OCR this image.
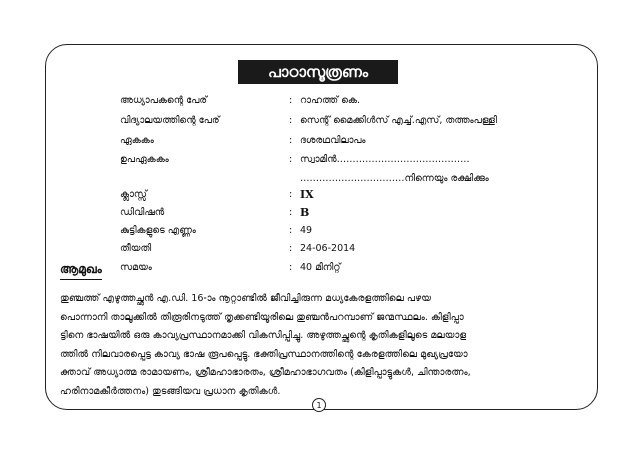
പാഠാസൂത്രണം
അധ്യാപകന്റെ പേര്	: റാഹത്ത് കെ.
വിദ്യാലയത്തിന്റെ പേര്	: സെന്റ് മൈക്കിൾസ് എച്ച്.എസ്, തത്തംപള്ളി
ഏകകം	: ദശരഥവിലാപം
ഉപഏകകം	: സ്വാമിൻ……………………………………
……………………………നിന്നെയും രക്ഷിക്കും
ക്ലാസ്സ്	: IX
ഡിവിഷൻ	: B
കുട്ടികളുടെ എണ്ണം	: 49
തീയതി	: 24-06-2014
സമയം	: 40 മിനിറ്റ്
ആമുഖം
തുഞ്ചത്ത് എഴുത്തച്ഛൻ എ.ഡി. 16-ാം നൂറ്റാണ്ടിൽ ജീവിച്ചിരുന്ന മധ്യകേരളത്തിലെ പഴയ
പൊന്നാനി താലൂക്കിൽ തിരൂരിനടുത്ത് തൃക്കണ്ടിയൂരിലെ തുഞ്ചൻപറമ്പാണ് ജന്മസ്ഥലം. കിളിപ്പാ
ട്ടിനെ ഭാഷയിൽ ഒരു കാവ്യപ്രസ്ഥാനമാക്കി വികസിപ്പിച്ചു. അഴുത്തച്ഛന്റെ കൃതികളിലൂടെ മലയാള
ത്തിൽ നിലവാരപ്പെട്ട കാവ്യ ഭാഷ രൂപപ്പെട്ടു. ഭക്തിപ്രസ്ഥാനത്തിന്റെ കേരളത്തിലെ മുഖ്യപ്രയോ
ക്താവ് അധ്യാത്മ രാമായണം, ശ്രീമഹാഭാരതം, ശ്രീമഹാഭാഗവതം (കിളിപ്പാട്ടുകൾ, ചിന്താരത്നം,
ഹരിനാമകീർത്തനം) തുടങ്ങിയവ പ്രധാന കൃതികൾ.
1
